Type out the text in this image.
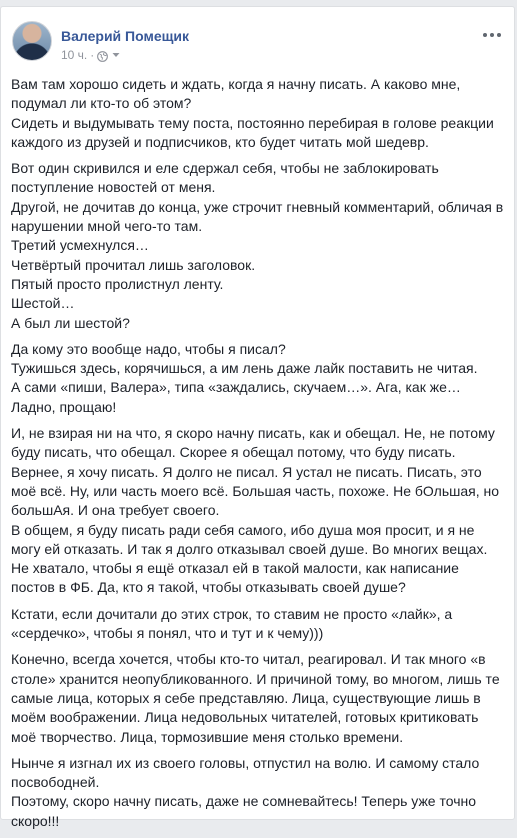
Валерий Помещик
10 ч. ·

Вам там хорошо сидеть и ждать, когда я начну писать. А каково мне, подумал ли кто-то об этом?
Сидеть и выдумывать тему поста, постоянно перебирая в голове реакции каждого из друзей и подписчиков, кто будет читать мой шедевр.

Вот один скривился и еле сдержал себя, чтобы не заблокировать поступление новостей от меня.
Другой, не дочитав до конца, уже строчит гневный комментарий, обличая в нарушении мной чего-то там.
Третий усмехнулся…
Четвёртый прочитал лишь заголовок.
Пятый просто пролистнул ленту.
Шестой…
А был ли шестой?

Да кому это вообще надо, чтобы я писал?
Тужишься здесь, корячишься, а им лень даже лайк поставить не читая.
А сами «пиши, Валера», типа «заждались, скучаем…». Ага, как же…
Ладно, прощаю!

И, не взирая ни на что, я скоро начну писать, как и обещал. Не, не потому буду писать, что обещал. Скорее я обещал потому, что буду писать. Вернее, я хочу писать. Я долго не писал. Я устал не писать. Писать, это моё всё. Ну, или часть моего всё. Большая часть, похоже. Не бОльшая, но большАя. И она требует своего.
В общем, я буду писать ради себя самого, ибо душа моя просит, и я не могу ей отказать. И так я долго отказывал своей душе. Во многих вещах. Не хватало, чтобы я ещё отказал ей в такой малости, как написание постов в ФБ. Да, кто я такой, чтобы отказывать своей душе?

Кстати, если дочитали до этих строк, то ставим не просто «лайк», а «сердечко», чтобы я понял, что и тут и к чему)))

Конечно, всегда хочется, чтобы кто-то читал, реагировал. И так много «в столе» хранится неопубликованного. И причиной тому, во многом, лишь те самые лица, которых я себе представляю. Лица, существующие лишь в моём воображении. Лица недовольных читателей, готовых критиковать моё творчество. Лица, тормозившие меня столько времени.

Нынче я изгнал их из своего головы, отпустил на волю. И самому стало посвободней.
Поэтому, скоро начну писать, даже не сомневайтесь! Теперь уже точно скоро!!!
